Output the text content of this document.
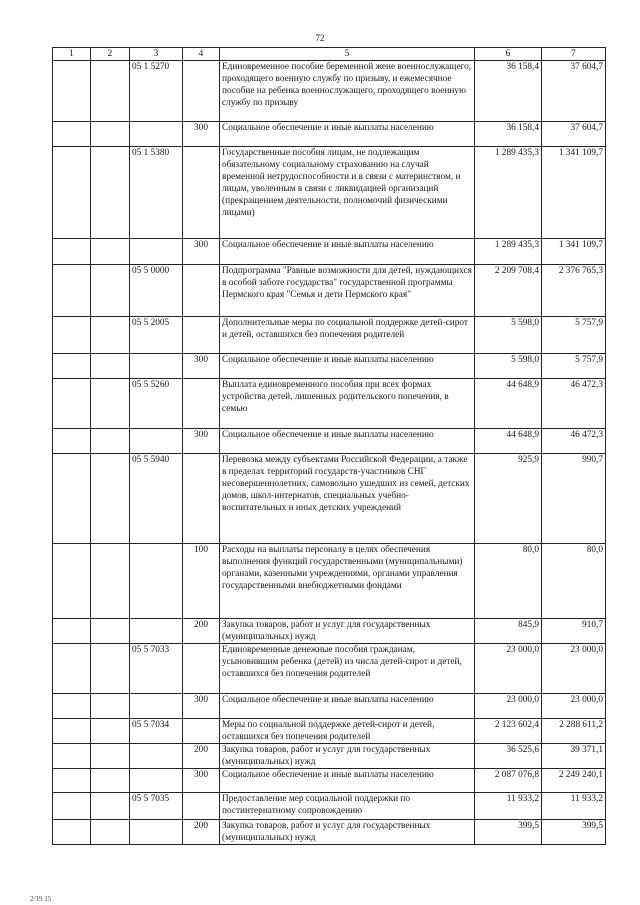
72
1	2	3	4	5	6	7
		05 1 5270		Единовременное пособие беременной жене военнослужащего, проходящего военную службу по призыву, и ежемесячное пособие на ребенка военнослужащего, проходящего военную службу по призыву	36 158,4	37 604,7
			300	Социальное обеспечение и иные выплаты населению	36 158,4	37 604,7
		05 1 5380		Государственные пособия лицам, не подлежащим обязательному социальному страхованию на случай временной нетрудоспособности и в связи с материнством, и лицам, уволенным в связи с ликвидацией организаций (прекращением деятельности, полномочий физическими лицами)	1 289 435,3	1 341 109,7
			300	Социальное обеспечение и иные выплаты населению	1 289 435,3	1 341 109,7
		05 5 0000		Подпрограмма "Равные возможности для детей, нуждающихся в особой заботе государства" государственной программы Пермского края "Семья и дети Пермского края"	2 209 708,4	2 376 765,3
		05 5 2005		Дополнительные меры по социальной поддержке детей-сирот и детей, оставшихся без попечения родителей	5 598,0	5 757,9
			300	Социальное обеспечение и иные выплаты населению	5 598,0	5 757,9
		05 5 5260		Выплата единовременного пособия при всех формах устройства детей, лишенных родительского попечения, в семью	44 648,9	46 472,3
			300	Социальное обеспечение и иные выплаты населению	44 648,9	46 472,3
		05 5 5940		Перевозка между субъектами Российской Федерации, а также в пределах территорий государств-участников СНГ несовершеннолетних, самовольно ушедших из семей, детских домов, школ-интернатов, специальных учебно-воспитательных и иных детских учреждений	925,9	990,7
			100	Расходы на выплаты персоналу в целях обеспечения выполнения функций государственными (муниципальными) органами, казенными учреждениями, органами управления государственными внебюджетными фондами	80,0	80,0
			200	Закупка товаров, работ и услуг для государственных (муниципальных) нужд	845,9	910,7
		05 5 7033		Единовременные денежные пособия гражданам, усыновившим ребенка (детей) из числа детей-сирот и детей, оставшихся без попечения родителей	23 000,0	23 000,0
			300	Социальное обеспечение и иные выплаты населению	23 000,0	23 000,0
		05 5 7034		Меры по социальной поддержке детей-сирот и детей, оставшихся без попечения родителей	2 123 602,4	2 288 611,2
			200	Закупка товаров, работ и услуг для государственных (муниципальных) нужд	36 525,6	39 371,1
			300	Социальное обеспечение и иные выплаты населению	2 087 076,8	2 249 240,1
		05 5 7035		Предоставление мер социальной поддержки по постинтернатному сопровождению	11 933,2	11 933,2
			200	Закупка товаров, работ и услуг для государственных (муниципальных) нужд	399,5	399,5
2/19 15
